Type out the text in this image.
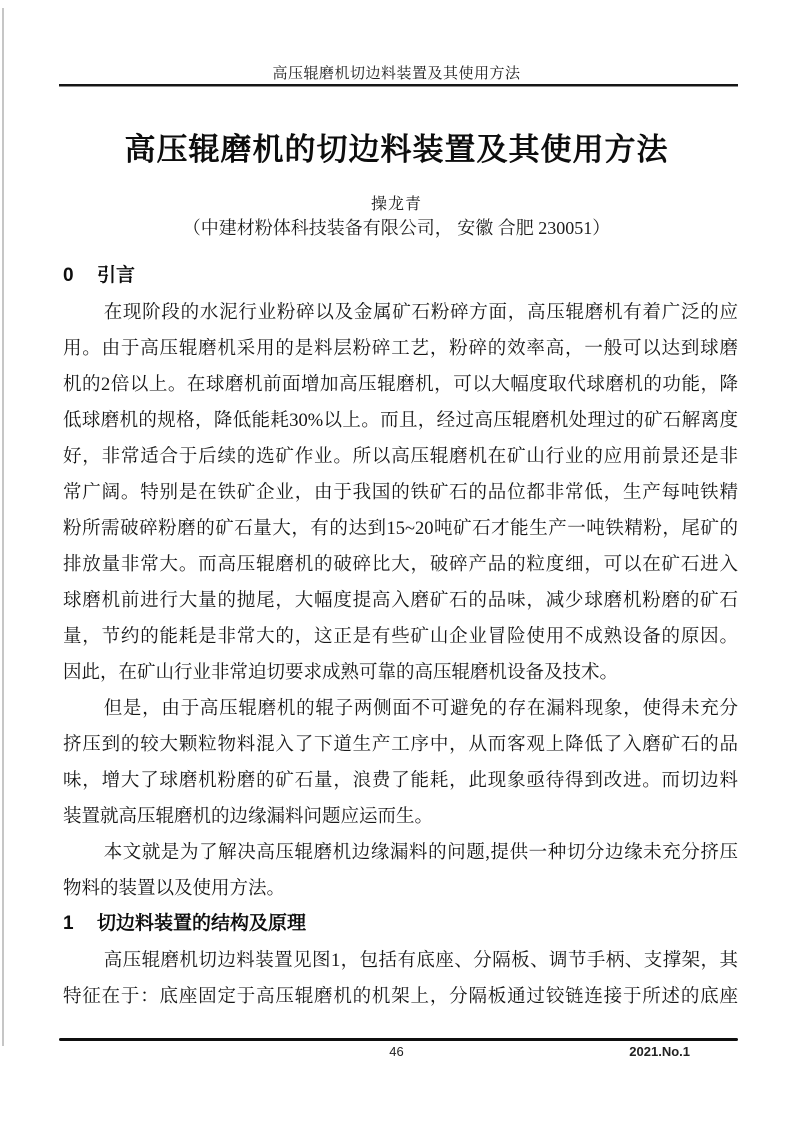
高压辊磨机切边料装置及其使用方法
高压辊磨机的切边料装置及其使用方法
操龙青
（中建材粉体科技装备有限公司， 安徽 合肥 230051）
0 引言
在现阶段的水泥行业粉碎以及金属矿石粉碎方面，高压辊磨机有着广泛的应
用。由于高压辊磨机采用的是料层粉碎工艺，粉碎的效率高，一般可以达到球磨
机的2倍以上。在球磨机前面增加高压辊磨机，可以大幅度取代球磨机的功能，降
低球磨机的规格，降低能耗30%以上。而且，经过高压辊磨机处理过的矿石解离度
好，非常适合于后续的选矿作业。所以高压辊磨机在矿山行业的应用前景还是非
常广阔。特别是在铁矿企业，由于我国的铁矿石的品位都非常低，生产每吨铁精
粉所需破碎粉磨的矿石量大，有的达到15~20吨矿石才能生产一吨铁精粉，尾矿的
排放量非常大。而高压辊磨机的破碎比大，破碎产品的粒度细，可以在矿石进入
球磨机前进行大量的抛尾，大幅度提高入磨矿石的品味，减少球磨机粉磨的矿石
量，节约的能耗是非常大的，这正是有些矿山企业冒险使用不成熟设备的原因。
因此，在矿山行业非常迫切要求成熟可靠的高压辊磨机设备及技术。
但是，由于高压辊磨机的辊子两侧面不可避免的存在漏料现象，使得未充分
挤压到的较大颗粒物料混入了下道生产工序中，从而客观上降低了入磨矿石的品
味，增大了球磨机粉磨的矿石量，浪费了能耗，此现象亟待得到改进。而切边料
装置就高压辊磨机的边缘漏料问题应运而生。
本文就是为了解决高压辊磨机边缘漏料的问题,提供一种切分边缘未充分挤压
物料的装置以及使用方法。
1 切边料装置的结构及原理
高压辊磨机切边料装置见图1，包括有底座、分隔板、调节手柄、支撑架，其
特征在于：底座固定于高压辊磨机的机架上，分隔板通过铰链连接于所述的底座
46	2021.No.1
